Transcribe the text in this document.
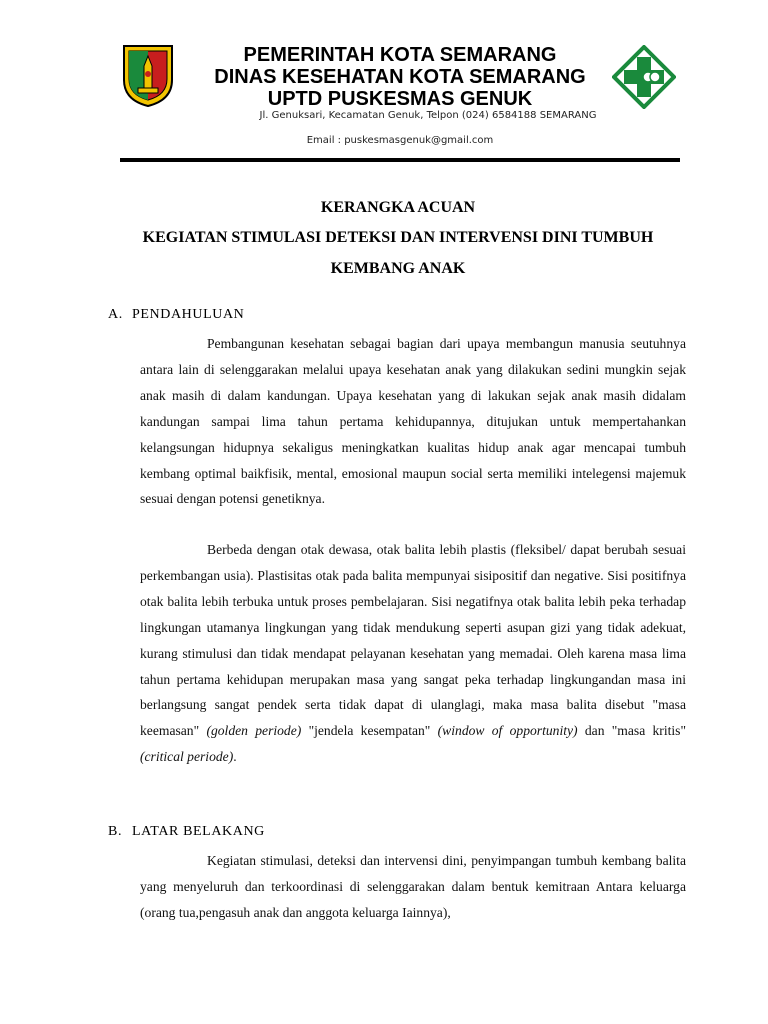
PEMERINTAH KOTA SEMARANG
DINAS KESEHATAN KOTA SEMARANG
UPTD PUSKESMAS GENUK
Jl. Genuksari, Kecamatan Genuk, Telpon (024) 6584188 SEMARANG
Email : puskesmasgenuk@gmail.com
KERANGKA ACUAN
KEGIATAN STIMULASI DETEKSI DAN INTERVENSI DINI TUMBUH
KEMBANG ANAK
A. PENDAHULUAN
Pembangunan kesehatan sebagai bagian dari upaya membangun manusia seutuhnya antara lain di selenggarakan melalui upaya kesehatan anak yang dilakukan sedini mungkin sejak anak masih di dalam kandungan. Upaya kesehatan yang di lakukan sejak anak masih didalam kandungan sampai lima tahun pertama kehidupannya, ditujukan untuk mempertahankan kelangsungan hidupnya sekaligus meningkatkan kualitas hidup anak agar mencapai tumbuh kembang optimal baikfisik, mental, emosional maupun social serta memiliki intelegensi majemuk sesuai dengan potensi genetiknya.
Berbeda dengan otak dewasa, otak balita lebih plastis (fleksibel/ dapat berubah sesuai perkembangan usia). Plastisitas otak pada balita mempunyai sisipositif dan negative. Sisi positifnya otak balita lebih terbuka untuk proses pembelajaran. Sisi negatifnya otak balita lebih peka terhadap lingkungan utamanya lingkungan yang tidak mendukung seperti asupan gizi yang tidak adekuat, kurang stimulusi dan tidak mendapat pelayanan kesehatan yang memadai. Oleh karena masa lima tahun pertama kehidupan merupakan masa yang sangat peka terhadap lingkungandan masa ini berlangsung sangat pendek serta tidak dapat di ulanglagi, maka masa balita disebut "masa keemasan" (golden periode) "jendela kesempatan" (window of opportunity) dan "masa kritis" (critical periode).
B. LATAR BELAKANG
Kegiatan stimulasi, deteksi dan intervensi dini, penyimpangan tumbuh kembang balita yang menyeluruh dan terkoordinasi di selenggarakan dalam bentuk kemitraan Antara keluarga (orang tua,pengasuh anak dan anggota keluarga Iainnya),
